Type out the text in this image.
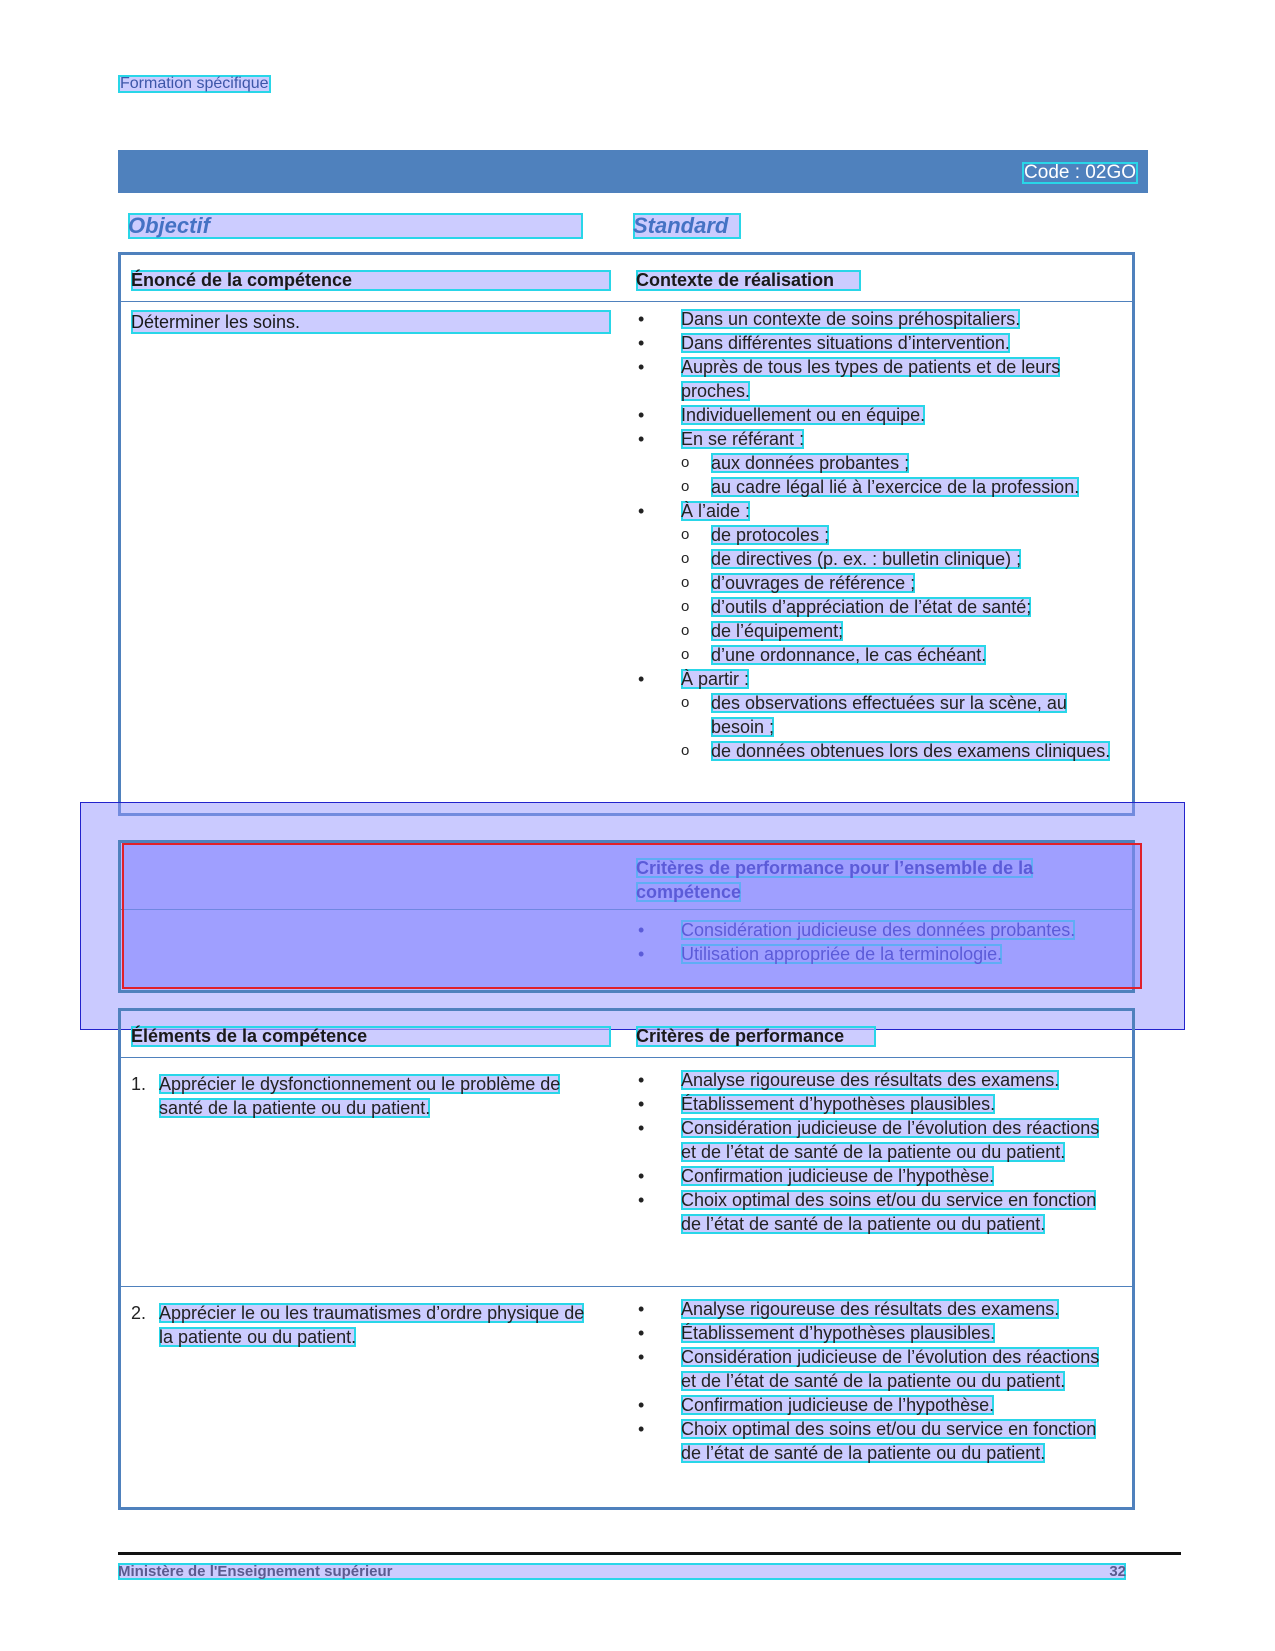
Formation spécifique
Code : 02GO
Objectif	Standard
Énoncé de la compétence	Contexte de réalisation
Déterminer les soins.
•	Dans un contexte de soins préhospitaliers.
• Dans différentes situations d’intervention.
• Auprès de tous les types de patients et de leurs proches.
• Individuellement ou en équipe.
• En se référant :
o aux données probantes ;
o au cadre légal lié à l’exercice de la profession.
• À l’aide :
o de protocoles ;
o de directives (p. ex. : bulletin clinique) ;
o d’ouvrages de référence ;
o d’outils d’appréciation de l’état de santé;
o de l’équipement;
o d’une ordonnance, le cas échéant.
• À partir :
o des observations effectuées sur la scène, au besoin ;
o de données obtenues lors des examens cliniques.
•
•
Éléments de la compétence	Critères de performance
1. Apprécier le dysfonctionnement ou le problème de santé de la patiente ou du patient.
• Analyse rigoureuse des résultats des examens.
• Établissement d’hypothèses plausibles.
• Considération judicieuse de l’évolution des réactions et de l’état de santé de la patiente ou du patient.
• Confirmation judicieuse de l’hypothèse.
• Choix optimal des soins et/ou du service en fonction de l’état de santé de la patiente ou du patient.
2. Apprécier le ou les traumatismes d’ordre physique de la patiente ou du patient.
• Analyse rigoureuse des résultats des examens.
• Établissement d’hypothèses plausibles.
• Considération judicieuse de l’évolution des réactions et de l’état de santé de la patiente ou du patient.
• Confirmation judicieuse de l’hypothèse.
• Choix optimal des soins et/ou du service en fonction de l’état de santé de la patiente ou du patient.
Ministère de l'Enseignement supérieur	32
